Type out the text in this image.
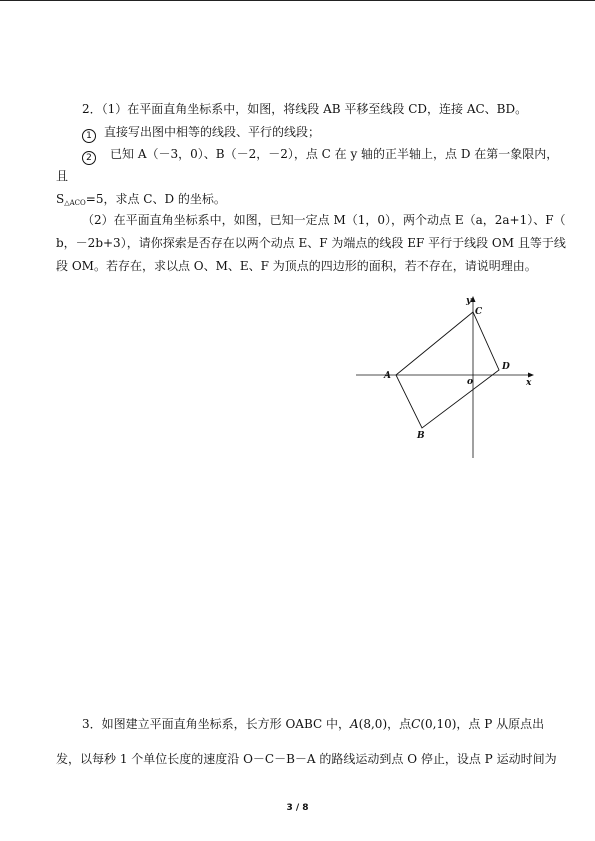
2．（1）在平面直角坐标系中，如图，将线段 AB 平移至线段 CD，连接 AC、BD。
1 直接写出图中相等的线段、平行的线段；
2 已知 A（－3，0）、B（－2，－2），点 C 在 y 轴的正半轴上，点 D 在第一象限内，
且
$S_{\triangle ACO}=5$，求点 C、D 的坐标。
（2）在平面直角坐标系中，如图，已知一定点 M（1，0），两个动点 E（a，2a+1）、F（
b，－2b+3），请你探索是否存在以两个动点 E、F 为端点的线段 EF 平行于线段 OM 且等于线
段 OM。若存在，求以点 O、M、E、F 为顶点的四边形的面积，若不存在，请说明理由。
y
x
C
D
A
o
B
3．如图建立平面直角坐标系，长方形 OABC 中，A(8,0)，点C(0,10)，点 P 从原点出
发，以每秒 1 个单位长度的速度沿 O－C－B－A 的路线运动到点 O 停止，设点 P 运动时间为
3 / 8
